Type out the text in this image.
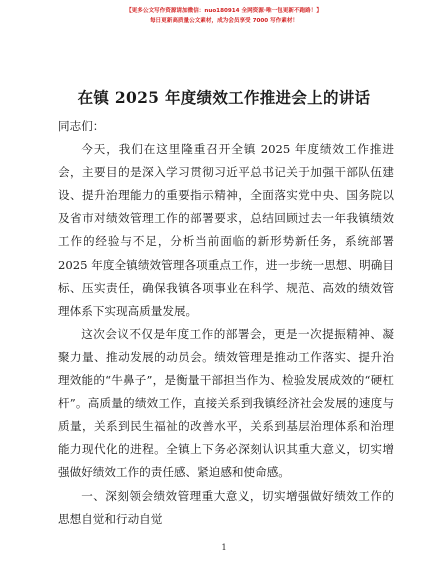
【更多公文写作资源请加微信：nuo180914 全网资源·唯一包更新不跑路！】
每日更新高质量公文素材，成为会员享受 7000 写作素材！
在镇 2025 年度绩效工作推进会上的讲话

同志们：

今天，我们在这里隆重召开全镇 2025 年度绩效工作推进会，主要目的是深入学习贯彻习近平总书记关于加强干部队伍建设、提升治理能力的重要指示精神，全面落实党中央、国务院以及省市对绩效管理工作的部署要求，总结回顾过去一年我镇绩效工作的经验与不足，分析当前面临的新形势新任务，系统部署 2025 年度全镇绩效管理各项重点工作，进一步统一思想、明确目标、压实责任，确保我镇各项事业在科学、规范、高效的绩效管理体系下实现高质量发展。

这次会议不仅是年度工作的部署会，更是一次提振精神、凝聚力量、推动发展的动员会。绩效管理是推动工作落实、提升治理效能的“牛鼻子”，是衡量干部担当作为、检验发展成效的“硬杠杆”。高质量的绩效工作，直接关系到我镇经济社会发展的速度与质量，关系到民生福祉的改善水平，关系到基层治理体系和治理能力现代化的进程。全镇上下务必深刻认识其重大意义，切实增强做好绩效工作的责任感、紧迫感和使命感。

一、深刻领会绩效管理重大意义，切实增强做好绩效工作的思想自觉和行动自觉

1
